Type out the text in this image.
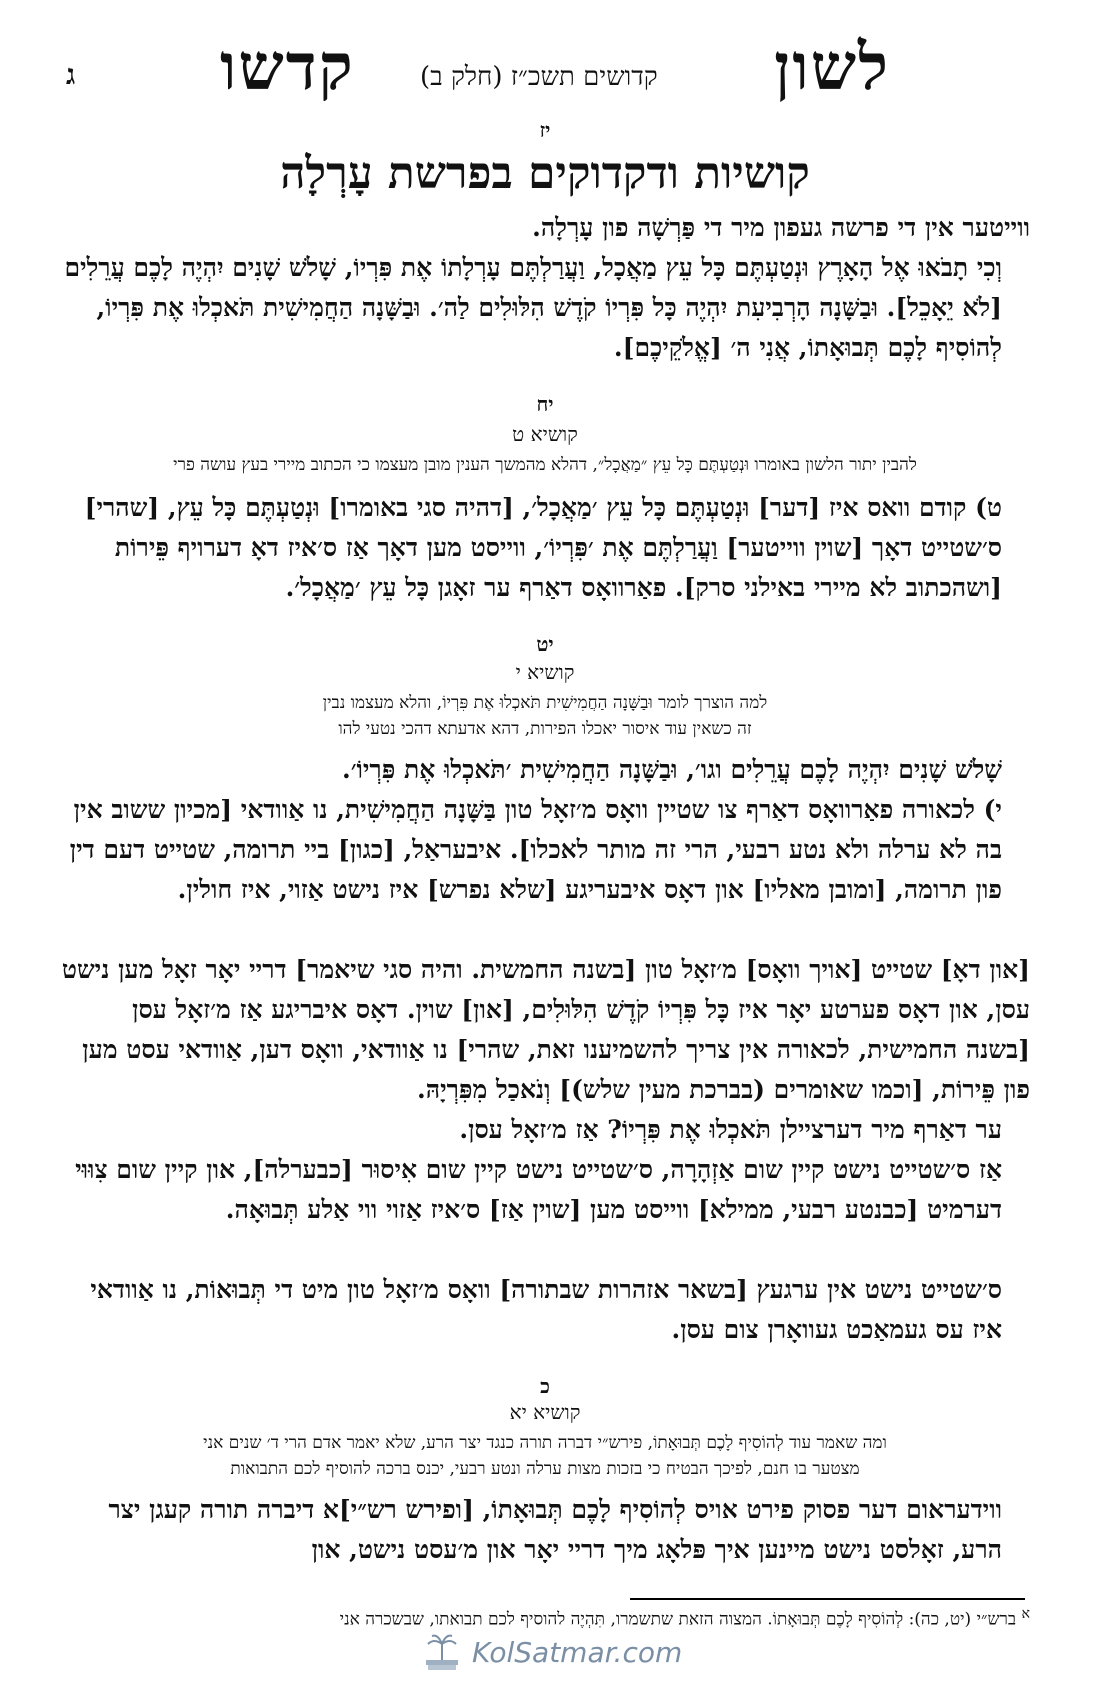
ג קדשו	קדושים תשכ״ז (חלק ב) לשון
יז
קושיות ודקדוקים בפרשת עָרְלָה
ווייטער אין די פרשה געפון מיר די פַּרְשָׁה פון עָרְלָה.
וְכִי תָבֹאוּ אֶל הָאָרֶץ וּנְטַעְתֶּם כָּל עֵץ מַאֲכָל, וַעֲרַלְתֶּם עָרְלָתוֹ אֶת פִּרְיוֹ, שָׁלֹשׁ שָׁנִים יִהְיֶה לָכֶם עֲרֵלִים [לֹא יֵאָכֵל]. וּבַשָּׁנָה הָרְבִיעִת יִהְיֶה כָּל פִּרְיוֹ קֹדֶשׁ הִלּוּלִים לַה׳. וּבַשָּׁנָה הַחֲמִישִׁית תֹּאכְלוּ אֶת פִּרְיוֹ, לְהוֹסִיף לָכֶם תְּבוּאָתוֹ, אֲנִי ה׳ [אֱלֹקֵיכֶם].
יח
קושיא ט
להבין יתור הלשון באומרו וּנְטַעְתֶּם כָּל עֵץ ״מַאֲכָל״, דהלא מהמשך הענין מובן מעצמו כי הכתוב מיירי בעץ עושה פרי
ט) קודם וואס איז [דער] וּנְטַעְתֶּם כָּל עֵץ ׳מַאֲכָל׳, [דהיה סגי באומרו] וּנְטַעְתֶּם כָּל עֵץ, [שהרי] ס׳שטייט דאָך [שוין ווייטער] וַעֲרַלְתֶּם אֶת ׳פִּרְיוֹ׳, ווייסט מען דאָך אַז ס׳איז דאָ דערויף פֵּירוֹת [ושהכתוב לא מיירי באילני סרק]. פאַרוואָס דאַרף ער זאָגן כָּל עֵץ ׳מַאֲכָל׳.
יט
קושיא י
למה הוצרך לומר וּבַשָּׁנָה הַחֲמִישִׁית תֹּאכְלוּ אֶת פִּרְיוֹ, והלא מעצמו נבין
זה כשאין עוד איסור יאכלו הפירות, דהא אדעתא דהכי נטעי להו
שָׁלֹשׁ שָׁנִים יִהְיֶה לָכֶם עֲרֵלִים וגו׳, וּבַשָּׁנָה הַחֲמִישִׁית ׳תֹּאכְלוּ אֶת פִּרְיוֹ׳.
י) לכאורה פאַרוואָס דאַרף צו שטיין וואָס מ׳זאָל טון בַּשָּׁנָה הַחֲמִישִׁית, נו אַוודאי [מכיון ששוב אין בה לא ערלה ולא נטע רבעי, הרי זה מותר לאכלו]. איבעראַל, [כגון] ביי תרומה, שטייט דעם דין פון תרומה, [ומובן מאליו] און דאָס איבעריגע [שלא נפרש] איז נישט אַזוי, איז חולין.
[און דאָ] שטייט [אויך וואָס] מ׳זאָל טון [בשנה החמשית. והיה סגי שיאמר] דריי יאָר זאָל מען נישט עסן, און דאָס פערטע יאָר איז כָּל פִּרְיוֹ קֹדֶשׁ הִלּוּלִים, [און] שוין. דאָס איבריגע אַז מ׳זאָל עסן [בשנה החמישית, לכאורה אין צריך להשמיענו זאת, שהרי] נו אַוודאי, וואָס דען, אַוודאי עסט מען פון פֵּירוֹת, [וכמו שאומרים (בברכת מעין שלש)] וְנֹאכַל מִפִּרְיָהּ.
ער דאַרף מיר דערציילן תֹּאכְלוּ אֶת פִּרְיוֹ? אַז מ׳זאָל עסן.
אַז ס׳שטייט נישט קיין שום אַזְהָרָה, ס׳שטייט נישט קיין שום אִיסוּר [כבערלה], און קיין שום צִוּוּי דערמיט [כבנטע רבעי, ממילא] ווייסט מען [שוין אַז] ס׳איז אַזוי ווי אַלע תְּבוּאָה.
ס׳שטייט נישט אין ערגעץ [בשאר אזהרות שבתורה] וואָס מ׳זאָל טון מיט די תְּבוּאוֹת, נו אַוודאי איז עס געמאַכט געוואָרן צום עסן.
כ
קושיא יא
ומה שאמר עוד לְהוֹסִיף לָכֶם תְּבוּאָתוֹ, פירש״י דברה תורה כנגד יצר הרע, שלא יאמר אדם הרי ד׳ שנים אני
מצטער בו חנם, לפיכך הבטיח כי בזכות מצות ערלה ונטע רבעי, יכנס ברכה להוסיף לכם התבואות
ווידעראום דער פסוק פירט אויס לְהוֹסִיף לָכֶם תְּבוּאָתוֹ, [ופירש רש״י]א דיברה תורה קעגן יצר הרע, זאָלסט נישט מיינען איך פּלאָג מיך דריי יאָר און מ׳עסט נישט, און
$^א$ ברש״י (יט, כה): לְהוֹסִיף לָכֶם תְּבוּאָתוֹ. המצוה הזאת שתשמרו, תִּהְיֶה להוסיף לכם תבואתו, שבשכרה אני
KolSatmar.com
